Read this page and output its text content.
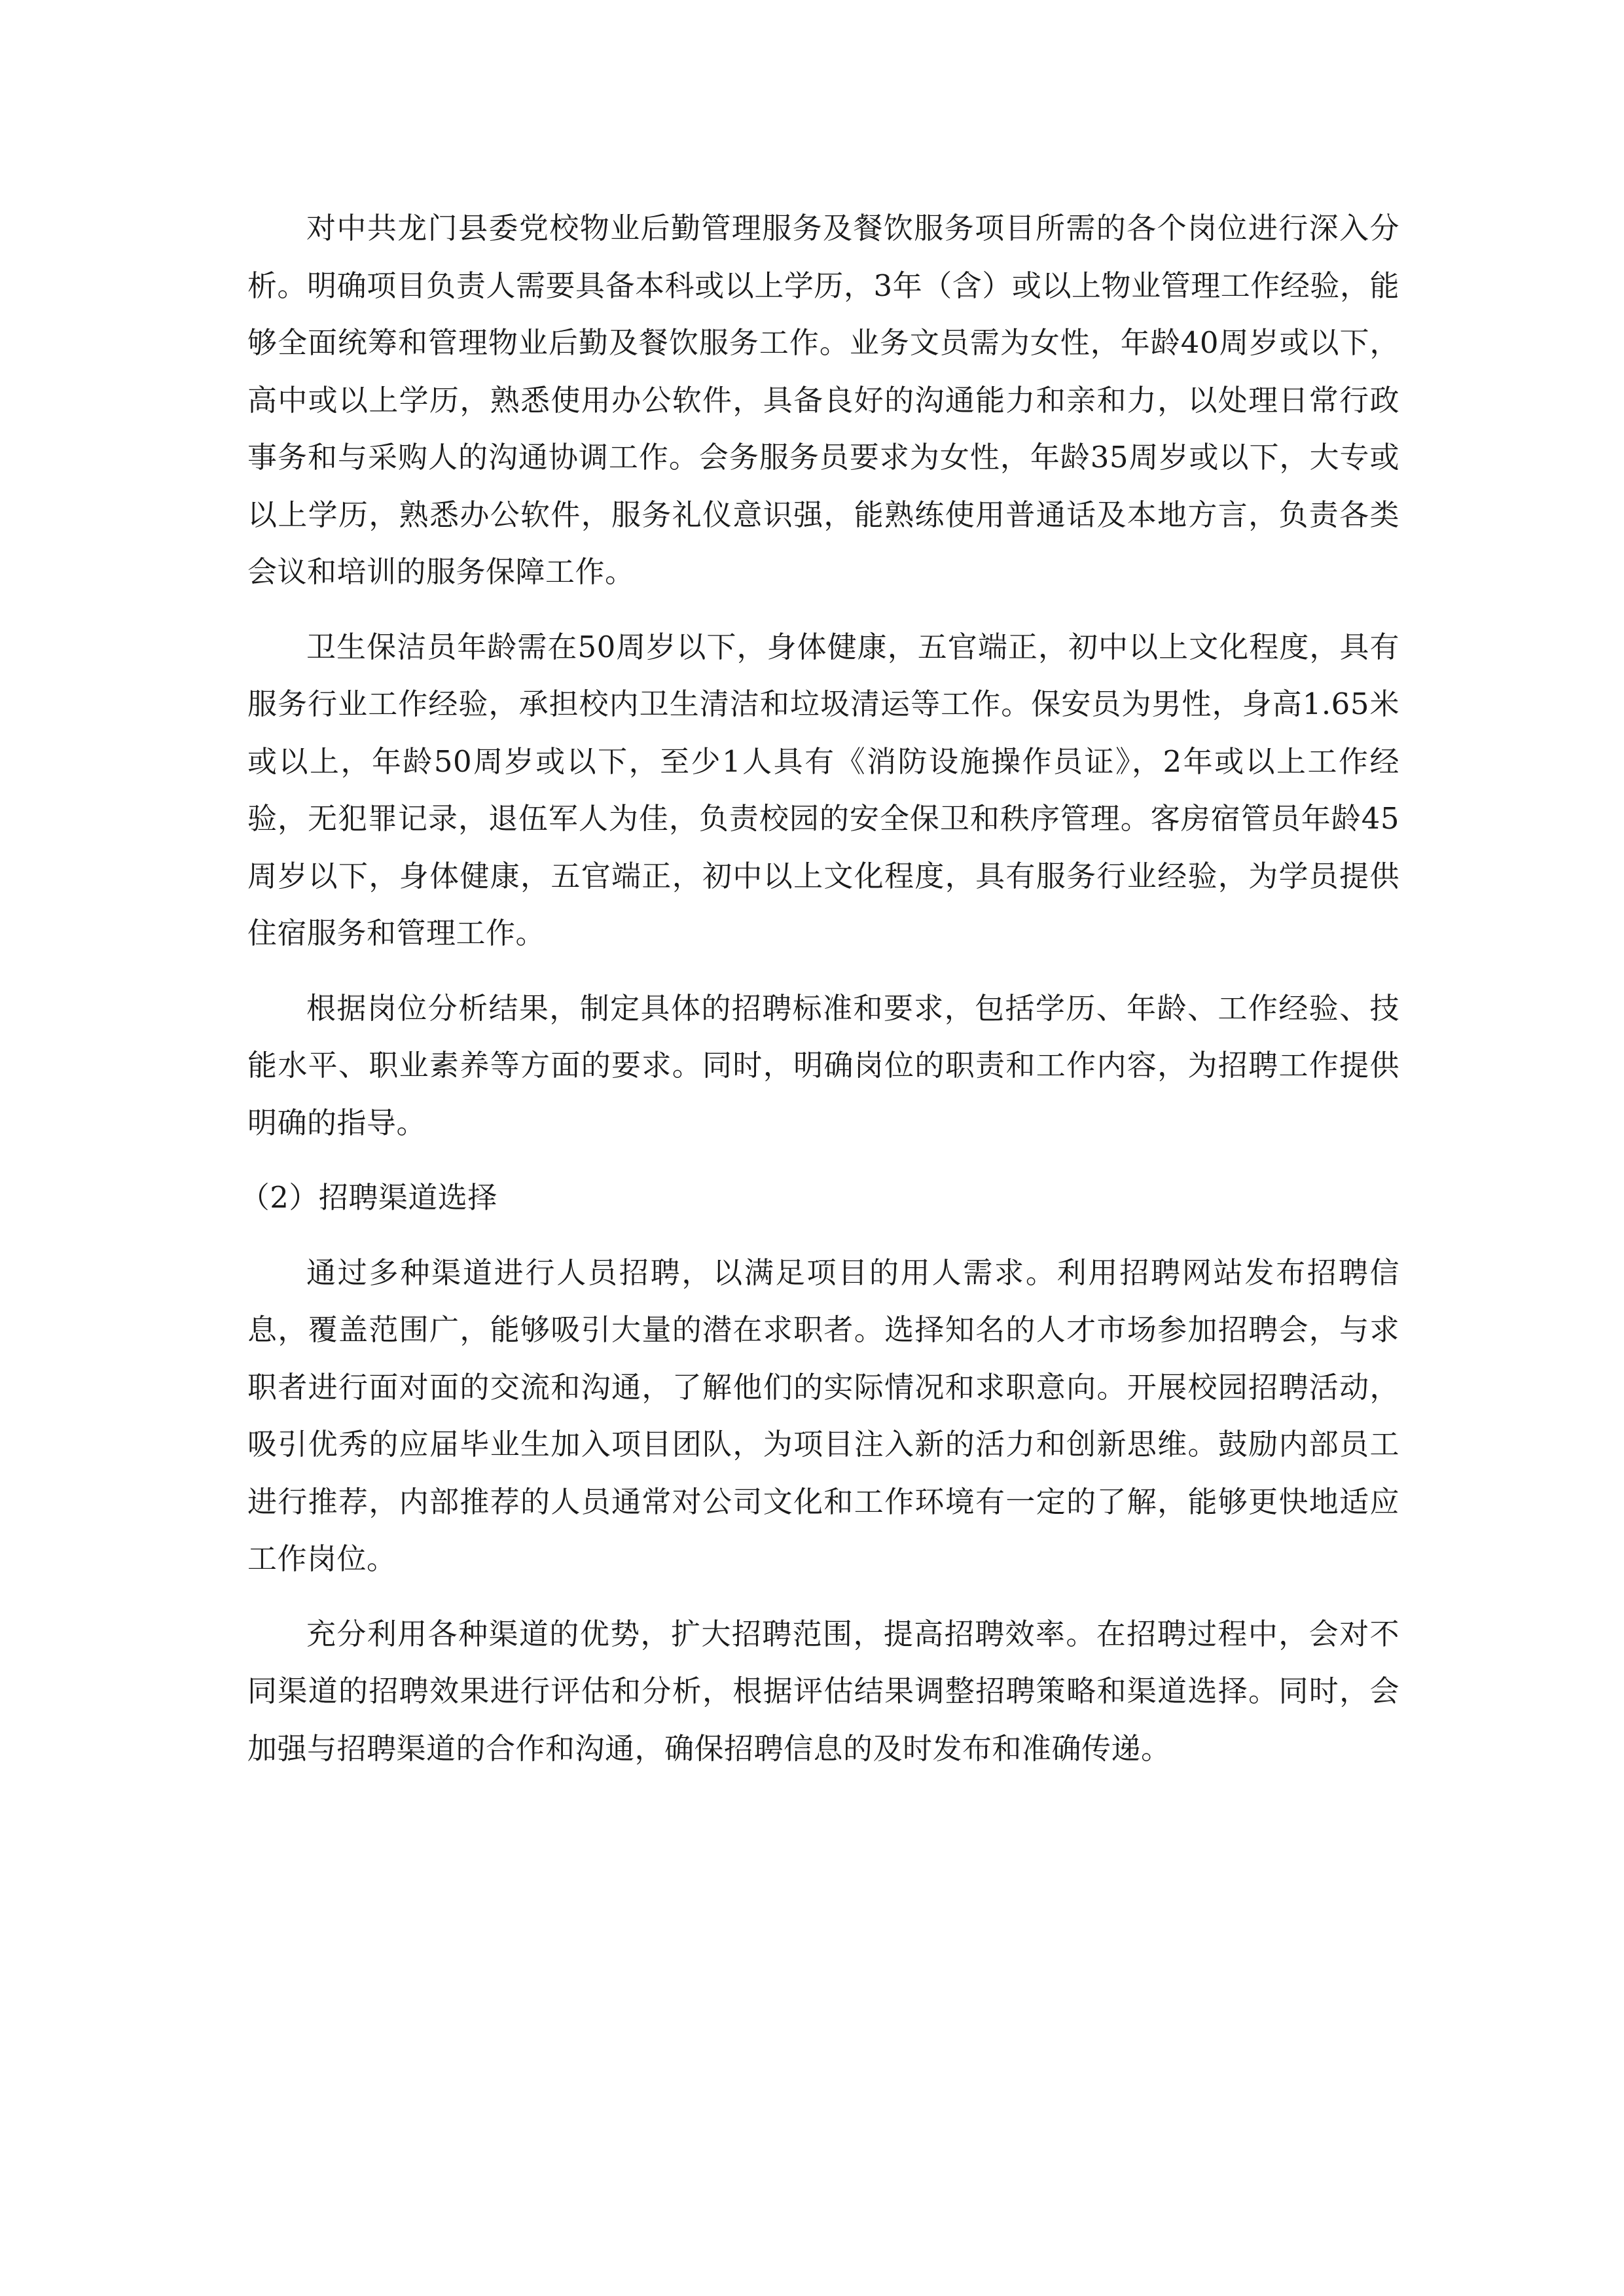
对中共龙门县委党校物业后勤管理服务及餐饮服务项目所需的各个岗位进行深入分析。明确项目负责人需要具备本科或以上学历，3年（含）或以上物业管理工作经验，能够全面统筹和管理物业后勤及餐饮服务工作。业务文员需为女性，年龄40周岁或以下，高中或以上学历，熟悉使用办公软件，具备良好的沟通能力和亲和力，以处理日常行政事务和与采购人的沟通协调工作。会务服务员要求为女性，年龄35周岁或以下，大专或以上学历，熟悉办公软件，服务礼仪意识强，能熟练使用普通话及本地方言，负责各类会议和培训的服务保障工作。

卫生保洁员年龄需在50周岁以下，身体健康，五官端正，初中以上文化程度，具有服务行业工作经验，承担校内卫生清洁和垃圾清运等工作。保安员为男性，身高1.65米或以上，年龄50周岁或以下，至少1人具有《消防设施操作员证》，2年或以上工作经验，无犯罪记录，退伍军人为佳，负责校园的安全保卫和秩序管理。客房宿管员年龄45周岁以下，身体健康，五官端正，初中以上文化程度，具有服务行业经验，为学员提供住宿服务和管理工作。

根据岗位分析结果，制定具体的招聘标准和要求，包括学历、年龄、工作经验、技能水平、职业素养等方面的要求。同时，明确岗位的职责和工作内容，为招聘工作提供明确的指导。

（2）招聘渠道选择

通过多种渠道进行人员招聘，以满足项目的用人需求。利用招聘网站发布招聘信息，覆盖范围广，能够吸引大量的潜在求职者。选择知名的人才市场参加招聘会，与求职者进行面对面的交流和沟通，了解他们的实际情况和求职意向。开展校园招聘活动，吸引优秀的应届毕业生加入项目团队，为项目注入新的活力和创新思维。鼓励内部员工进行推荐，内部推荐的人员通常对公司文化和工作环境有一定的了解，能够更快地适应工作岗位。

充分利用各种渠道的优势，扩大招聘范围，提高招聘效率。在招聘过程中，会对不同渠道的招聘效果进行评估和分析，根据评估结果调整招聘策略和渠道选择。同时，会加强与招聘渠道的合作和沟通，确保招聘信息的及时发布和准确传递。
